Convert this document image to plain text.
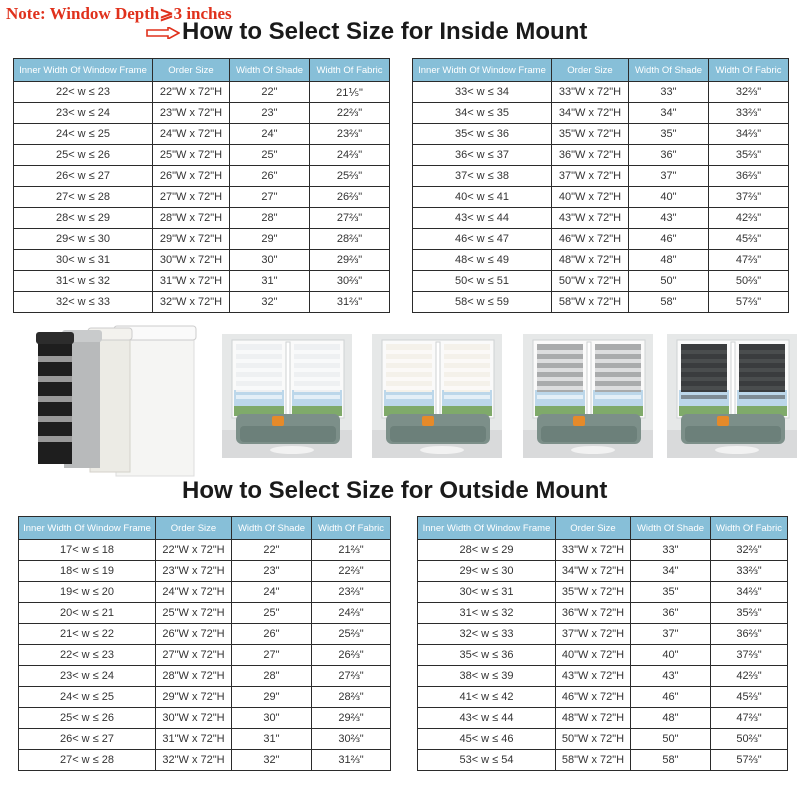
Note: Window Depth⩾3 inches
How to Select Size for Inside Mount
Inner Width Of Window Frame	Order Size	Width Of Shade	Width Of Fabric
22< w ≤ 23	22"W x 72"H	22"	21⅕"
23< w ≤ 24	23"W x 72"H	23"	22⅔"
24< w ≤ 25	24"W x 72"H	24"	23⅔"
25< w ≤ 26	25"W x 72"H	25"	24⅔"
26< w ≤ 27	26"W x 72"H	26"	25⅔"
27< w ≤ 28	27"W x 72"H	27"	26⅔"
28< w ≤ 29	28"W x 72"H	28"	27⅔"
29< w ≤ 30	29"W x 72"H	29"	28⅔"
30< w ≤ 31	30"W x 72"H	30"	29⅔"
31< w ≤ 32	31"W x 72"H	31"	30⅔"
32< w ≤ 33	32"W x 72"H	32"	31⅔"
Inner Width Of Window Frame	Order Size	Width Of Shade	Width Of Fabric
33< w ≤ 34	33"W x 72"H	33"	32⅔"
34< w ≤ 35	34"W x 72"H	34"	33⅔"
35< w ≤ 36	35"W x 72"H	35"	34⅔"
36< w ≤ 37	36"W x 72"H	36"	35⅔"
37< w ≤ 38	37"W x 72"H	37"	36⅔"
40< w ≤ 41	40"W x 72"H	40"	37⅔"
43< w ≤ 44	43"W x 72"H	43"	42⅔"
46< w ≤ 47	46"W x 72"H	46"	45⅔"
48< w ≤ 49	48"W x 72"H	48"	47⅔"
50< w ≤ 51	50"W x 72"H	50"	50⅔"
58< w ≤ 59	58"W x 72"H	58"	57⅔"
How to Select Size for Outside Mount
Inner Width Of Window Frame	Order Size	Width Of Shade	Width Of Fabric
17< w ≤ 18	22"W x 72"H	22"	21⅔"
18< w ≤ 19	23"W x 72"H	23"	22⅔"
19< w ≤ 20	24"W x 72"H	24"	23⅔"
20< w ≤ 21	25"W x 72"H	25"	24⅔"
21< w ≤ 22	26"W x 72"H	26"	25⅔"
22< w ≤ 23	27"W x 72"H	27"	26⅔"
23< w ≤ 24	28"W x 72"H	28"	27⅔"
24< w ≤ 25	29"W x 72"H	29"	28⅔"
25< w ≤ 26	30"W x 72"H	30"	29⅔"
26< w ≤ 27	31"W x 72"H	31"	30⅔"
27< w ≤ 28	32"W x 72"H	32"	31⅔"
Inner Width Of Window Frame	Order Size	Width Of Shade	Width Of Fabric
28< w ≤ 29	33"W x 72"H	33"	32⅔"
29< w ≤ 30	34"W x 72"H	34"	33⅔"
30< w ≤ 31	35"W x 72"H	35"	34⅔"
31< w ≤ 32	36"W x 72"H	36"	35⅔"
32< w ≤ 33	37"W x 72"H	37"	36⅔"
35< w ≤ 36	40"W x 72"H	40"	37⅔"
38< w ≤ 39	43"W x 72"H	43"	42⅔"
41< w ≤ 42	46"W x 72"H	46"	45⅔"
43< w ≤ 44	48"W x 72"H	48"	47⅔"
45< w ≤ 46	50"W x 72"H	50"	50⅔"
53< w ≤ 54	58"W x 72"H	58"	57⅔"
